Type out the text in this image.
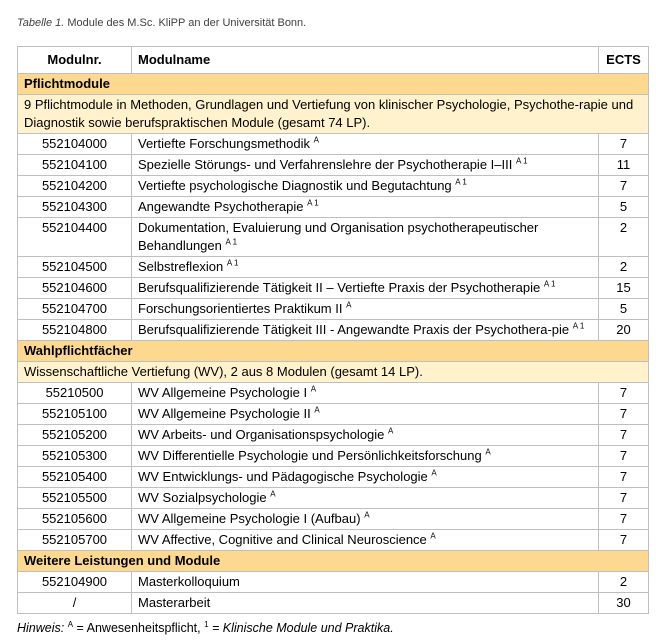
Tabelle 1. Module des M.Sc. KliPP an der Universität Bonn.
Modulnr.	Modulname	ECTS
Pflichtmodule		
9 Pflichtmodule in Methoden, Grundlagen und Vertiefung von klinischer Psychologie, Psychothe-rapie und Diagnostik sowie berufspraktischen Module (gesamt 74 LP).		
552104000	Vertiefte Forschungsmethodik $^A$	7
552104100	Spezielle Störungs- und Verfahrenslehre der Psychotherapie I–III $^{A 1}$	11
552104200	Vertiefte psychologische Diagnostik und Begutachtung $^{A 1}$	7
552104300	Angewandte Psychotherapie $^{A 1}$	5
552104400	Dokumentation, Evaluierung und Organisation psychotherapeutischer Behandlungen $^{A 1}$	2
552104500	Selbstreflexion $^{A 1}$	2
552104600	Berufsqualifizierende Tätigkeit II – Vertiefte Praxis der Psychotherapie $^{A 1}$	15
552104700	Forschungsorientiertes Praktikum II $^A$	5
552104800	Berufsqualifizierende Tätigkeit III - Angewandte Praxis der Psychothera-pie $^{A 1}$	20
Wahlpflichtfächer		
Wissenschaftliche Vertiefung (WV), 2 aus 8 Modulen (gesamt 14 LP).		
55210500	WV Allgemeine Psychologie I $^A$	7
552105100	WV Allgemeine Psychologie II $^A$	7
552105200	WV Arbeits- und Organisationspsychologie $^A$	7
552105300	WV Differentielle Psychologie und Persönlichkeitsforschung $^A$	7
552105400	WV Entwicklungs- und Pädagogische Psychologie $^A$	7
552105500	WV Sozialpsychologie $^A$	7
552105600	WV Allgemeine Psychologie I (Aufbau) $^A$	7
552105700	WV Affective, Cognitive and Clinical Neuroscience $^A$	7
Weitere Leistungen und Module		
552104900	Masterkolloquium	2
/	Masterarbeit	30
Hinweis: $^A$ = Anwesenheitspflicht, $^1$ = Klinische Module und Praktika.
